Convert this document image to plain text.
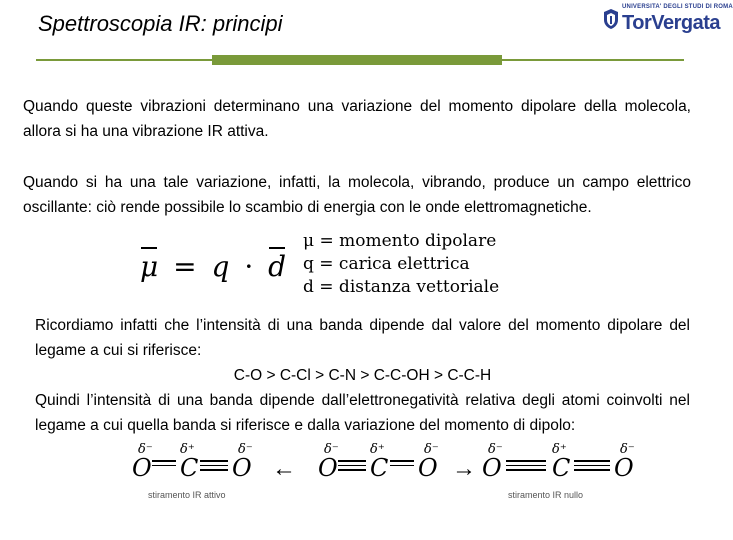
Spettroscopia IR: principi
UNIVERSITA' DEGLI STUDI DI ROMA
TorVergata
Quando queste vibrazioni determinano una variazione del momento dipolare della molecola, allora si ha una vibrazione IR attiva.
Quando si ha una tale variazione, infatti, la molecola, vibrando, produce un campo elettrico oscillante: ciò rende possibile lo scambio di energia con le onde elettromagnetiche.
μ = q · d
μ = momento dipolare
q = carica elettrica
d = distanza vettoriale
Ricordiamo infatti che l’intensità di una banda dipende dal valore del momento dipolare del legame a cui si riferisce:
C-O > C-Cl > C-N > C-C-OH > C-C-H
Quindi l’intensità di una banda dipende dall’elettronegatività relativa degli atomi coinvolti nel legame a cui quella banda si riferisce e dalla variazione del momento di dipolo:
δ⁻
O
δ⁺
C
δ⁻
O
stiramento IR attivo
←
δ⁻
O
δ⁺
C
δ⁻
O →
δ⁻
O
δ⁺
C
δ⁻
O
stiramento IR nullo
